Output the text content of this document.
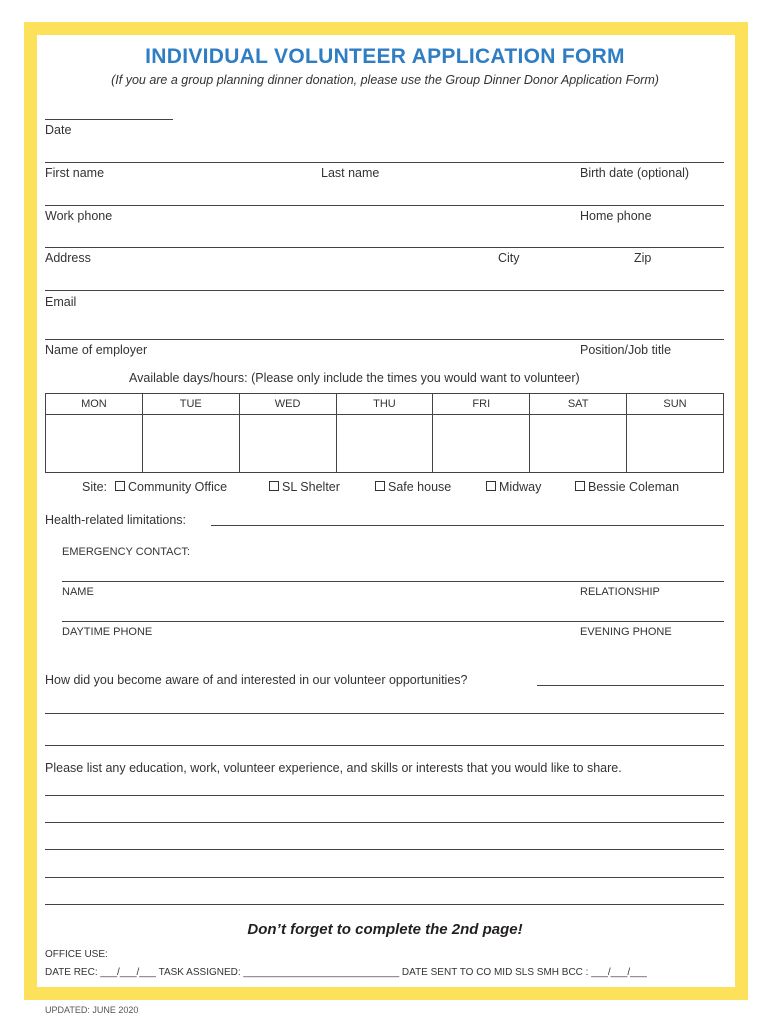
INDIVIDUAL VOLUNTEER APPLICATION FORM
(If you are a group planning dinner donation, please use the Group Dinner Donor Application Form)
Date
First name	Last name	Birth date (optional)
Work phone	Home phone
Address	City	Zip
Email
Name of employer	Position/Job title
Available days/hours: (Please only include the times you would want to volunteer)
MON	TUE	WED	THU	FRI	SAT	SUN

Site:	Community Office	SL Shelter	Safe house	Midway	Bessie Coleman
Health-related limitations:
EMERGENCY CONTACT:
NAME	RELATIONSHIP
DAYTIME PHONE	EVENING PHONE
How did you become aware of and interested in our volunteer opportunities?
Please list any education, work, volunteer experience, and skills or interests that you would like to share.
Don’t forget to complete the 2nd page!
OFFICE USE:
DATE REC: ___/___/___ TASK ASSIGNED: ____________________________ DATE SENT TO CO MID SLS SMH BCC : ___/___/___
UPDATED: JUNE 2020
